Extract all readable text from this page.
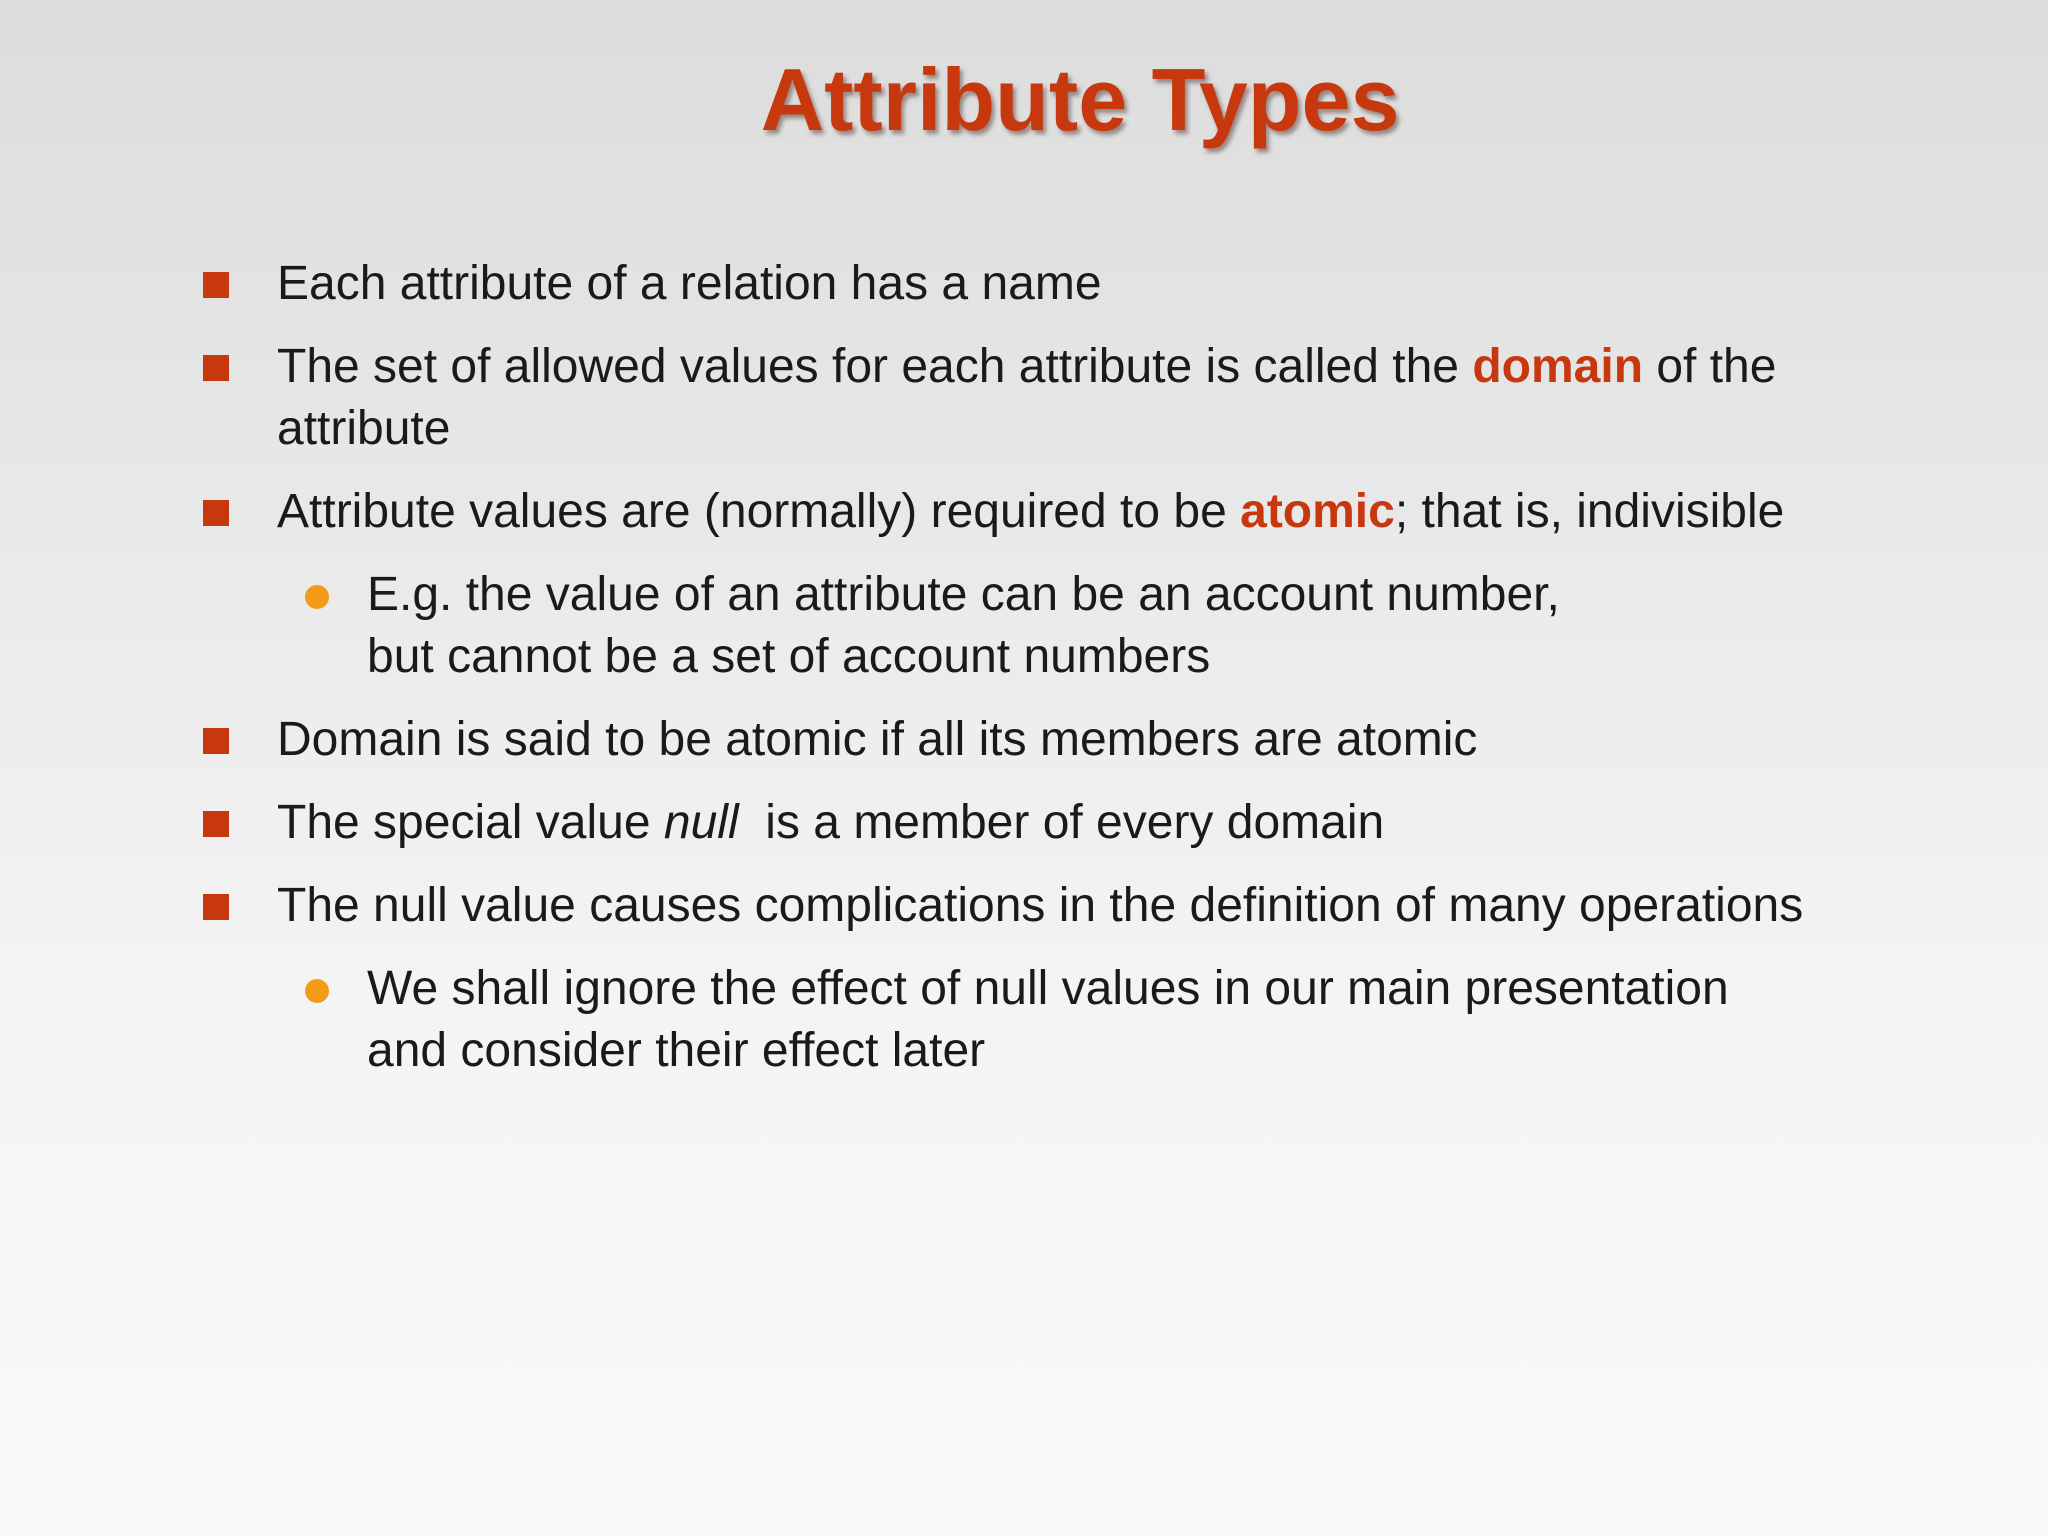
Attribute Types
Each attribute of a relation has a name
The set of allowed values for each attribute is called the domain of the
attribute
Attribute values are (normally) required to be atomic; that is, indivisible
E.g. the value of an attribute can be an account number,
but cannot be a set of account numbers
Domain is said to be atomic if all its members are atomic
The special value null  is a member of every domain
The null value causes complications in the definition of many operations
We shall ignore the effect of null values in our main presentation
and consider their effect later
